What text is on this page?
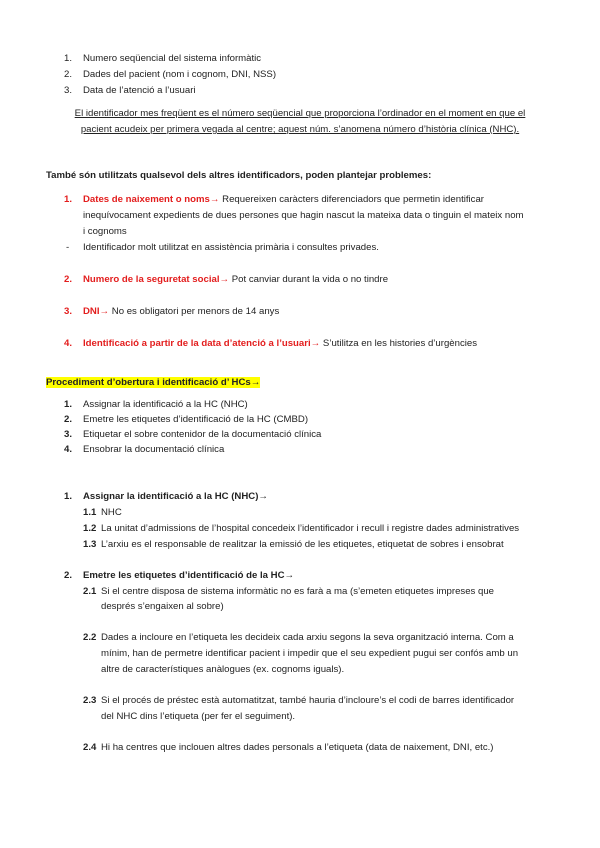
1. Numero seqüencial del sistema informàtic
2. Dades del pacient (nom i cognom, DNI, NSS)
3. Data de l’atenció a l’usuari
El identificador mes freqüent es el número seqüencial que proporciona l’ordinador en el moment en que el
pacient acudeix per primera vegada al centre; aquest núm. s’anomena número d’història clínica (NHC).
També són utilitzats qualsevol dels altres identificadors, poden plantejar problemes:
1. Dates de naixement o noms→ Requereixen caràcters diferenciadors que permetin identificar
inequívocament expedients de dues persones que hagin nascut la mateixa data o tinguin el mateix nom
i cognoms
- Identificador molt utilitzat en assistència primària i consultes privades.
2. Numero de la seguretat social→ Pot canviar durant la vida o no tindre
3. DNI→ No es obligatori per menors de 14 anys
4. Identificació a partir de la data d’atenció a l’usuari→ S’utilitza en les histories d’urgències
Procediment d’obertura i identificació d’ HCs→
1. Assignar la identificació a la HC (NHC)
2. Emetre les etiquetes d’identificació de la HC (CMBD)
3. Etiquetar el sobre contenidor de la documentació clínica
4. Ensobrar la documentació clínica
1. Assignar la identificació a la HC (NHC)→
1.1 NHC
1.2 La unitat d’admissions de l’hospital concedeix l’identificador i recull i registre dades administratives
1.3 L’arxiu es el responsable de realitzar la emissió de les etiquetes, etiquetat de sobres i ensobrat
2. Emetre les etiquetes d’identificació de la HC→
2.1 Si el centre disposa de sistema informàtic no es farà a ma (s’emeten etiquetes impreses que
després s’engaixen al sobre)
2.2 Dades a incloure en l’etiqueta les decideix cada arxiu segons la seva organització interna. Com a
mínim, han de permetre identificar pacient i impedir que el seu expedient pugui ser confós amb un
altre de característiques anàlogues (ex. cognoms iguals).
2.3 Si el procés de préstec està automatitzat, també hauria d’incloure’s el codi de barres identificador
del NHC dins l’etiqueta (per fer el seguiment).
2.4 Hi ha centres que inclouen altres dades personals a l’etiqueta (data de naixement, DNI, etc.)
